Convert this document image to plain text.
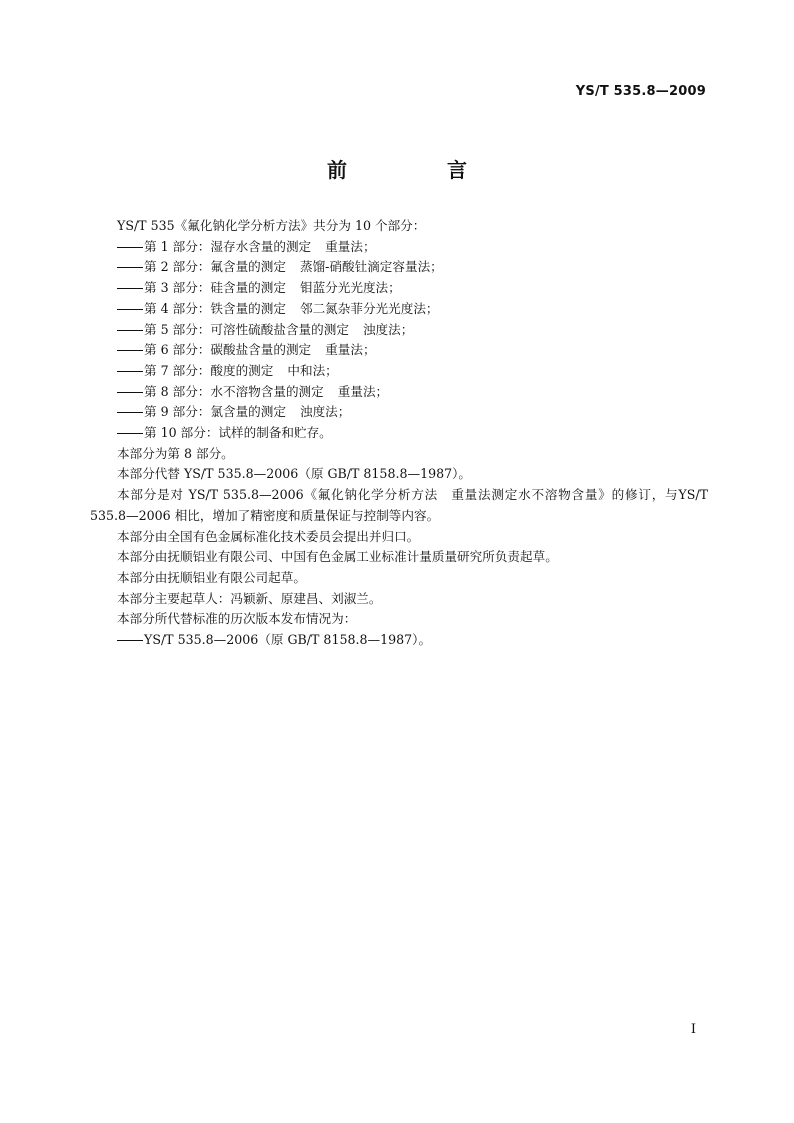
YS/T 535.8—2009
前　言

YS/T 535《氟化钠化学分析方法》共分为 10 个部分：

第 1 部分：湿存水含量的测定 重量法；

第 2 部分：氟含量的测定 蒸馏-硝酸钍滴定容量法；

第 3 部分：硅含量的测定 钼蓝分光光度法；

第 4 部分：铁含量的测定 邻二氮杂菲分光光度法；

第 5 部分：可溶性硫酸盐含量的测定 浊度法；

第 6 部分：碳酸盐含量的测定 重量法；

第 7 部分：酸度的测定 中和法；

第 8 部分：水不溶物含量的测定 重量法；

第 9 部分：氯含量的测定 浊度法；

第 10 部分：试样的制备和贮存。

本部分为第 8 部分。

本部分代替 YS/T 535.8—2006（原 GB/T 8158.8—1987）。

本部分是对 YS/T 535.8—2006《氟化钠化学分析方法　重量法测定水不溶物含量》的修订，与YS/T 535.8—2006 相比，增加了精密度和质量保证与控制等内容。

本部分由全国有色金属标准化技术委员会提出并归口。

本部分由抚顺铝业有限公司、中国有色金属工业标准计量质量研究所负责起草。

本部分由抚顺铝业有限公司起草。

本部分主要起草人：冯颖新、原建昌、刘淑兰。

本部分所代替标准的历次版本发布情况为：

YS/T 535.8—2006（原 GB/T 8158.8—1987）。

I
